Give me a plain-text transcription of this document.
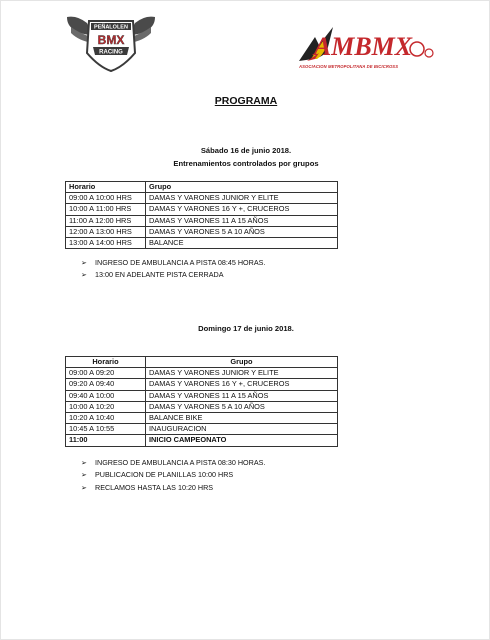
PEÑALOLEN
BMX
RACING	AMBMX
ASOCIACION METROPOLITANA DE BICICROSS
PROGRAMA
Sábado 16 de junio 2018.
Entrenamientos controlados por grupos
Horario	Grupo
09:00 A 10:00 HRS	DAMAS Y VARONES JUNIOR Y ELITE
10:00 A 11:00 HRS	DAMAS Y VARONES 16 Y +, CRUCEROS
11:00 A 12:00 HRS	DAMAS Y VARONES 11 A 15 AÑOS
12:00 A 13:00 HRS	DAMAS Y VARONES 5 A 10 AÑOS
13:00 A 14:00 HRS	BALANCE
➢ INGRESO DE AMBULANCIA A PISTA 08:45 HORAS.
➢ 13:00 EN ADELANTE PISTA CERRADA
Domingo 17 de junio 2018.
Horario	Grupo
09:00 A 09:20	DAMAS Y VARONES JUNIOR Y ELITE
09:20 A 09:40	DAMAS Y VARONES 16 Y +, CRUCEROS
09:40 A 10:00	DAMAS Y VARONES 11 A 15 AÑOS
10:00 A 10:20	DAMAS Y VARONES 5 A 10 AÑOS
10:20 A 10:40	BALANCE BIKE
10:45 A 10:55	INAUGURACION
11:00	INICIO CAMPEONATO
➢ INGRESO DE AMBULANCIA A PISTA 08:30 HORAS.
➢ PUBLICACION DE PLANILLAS 10:00 HRS
➢ RECLAMOS HASTA LAS 10:20 HRS
